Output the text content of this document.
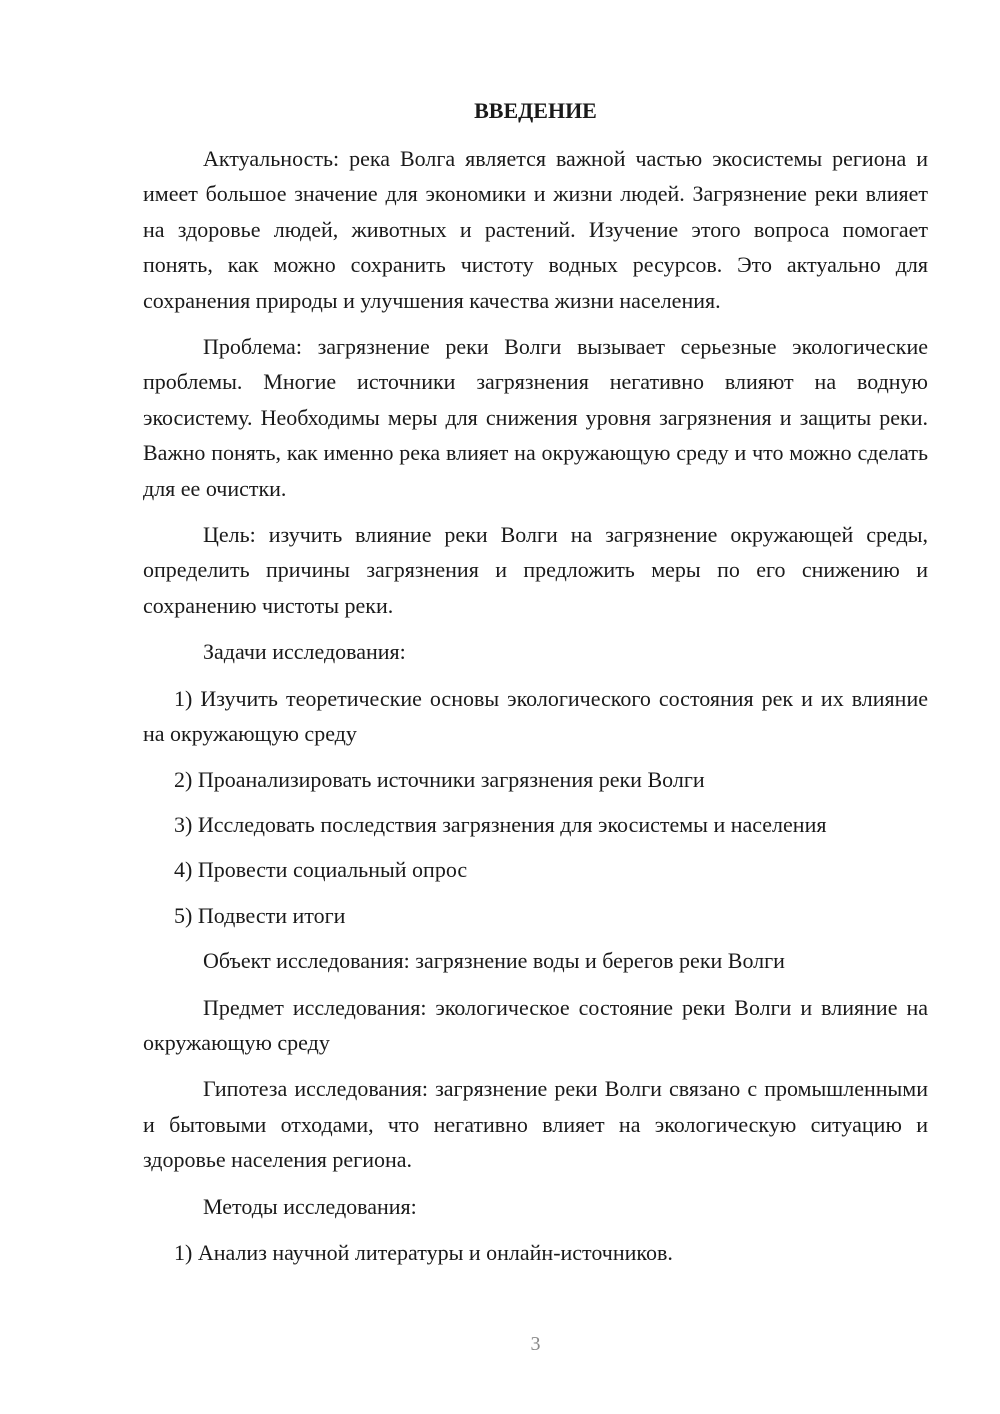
ВВЕДЕНИЕ

Актуальность: река Волга является важной частью экосистемы региона и имеет большое значение для экономики и жизни людей. Загрязнение реки влияет на здоровье людей, животных и растений. Изучение этого вопроса помогает понять, как можно сохранить чистоту водных ресурсов. Это актуально для сохранения природы и улучшения качества жизни населения.

Проблема: загрязнение реки Волги вызывает серьезные экологические проблемы. Многие источники загрязнения негативно влияют на водную экосистему. Необходимы меры для снижения уровня загрязнения и защиты реки. Важно понять, как именно река влияет на окружающую среду и что можно сделать для ее очистки.

Цель: изучить влияние реки Волги на загрязнение окружающей среды, определить причины загрязнения и предложить меры по его снижению и сохранению чистоты реки.

Задачи исследования:

1) Изучить теоретические основы экологического состояния рек и их влияние на окружающую среду

2) Проанализировать источники загрязнения реки Волги

3) Исследовать последствия загрязнения для экосистемы и населения

4) Провести социальный опрос

5) Подвести итоги

Объект исследования: загрязнение воды и берегов реки Волги

Предмет исследования: экологическое состояние реки Волги и влияние на окружающую среду

Гипотеза исследования: загрязнение реки Волги связано с промышленными и бытовыми отходами, что негативно влияет на экологическую ситуацию и здоровье населения региона.

Методы исследования:

1) Анализ научной литературы и онлайн-источников.

3
